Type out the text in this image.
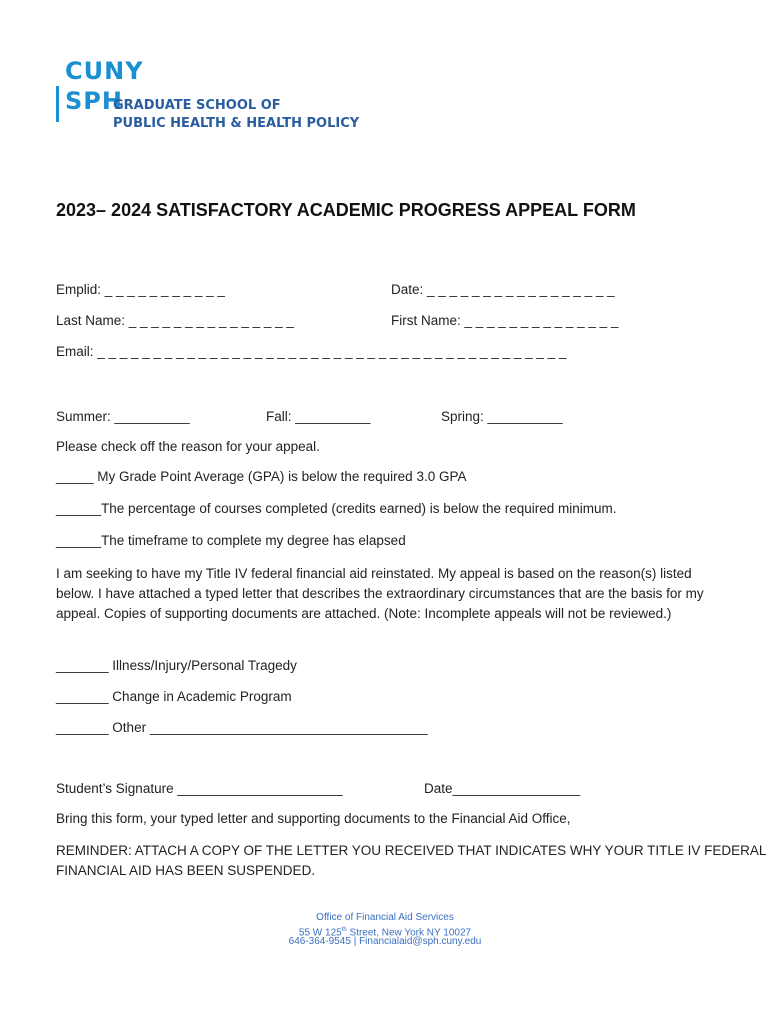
CUNY
SPH
GRADUATE SCHOOL OF
PUBLIC HEALTH & HEALTH POLICY
2023– 2024 SATISFACTORY ACADEMIC PROGRESS APPEAL FORM
Emplid: _ _ _ _ _ _ _ _ _ _ _	Date: _ _ _ _ _ _ _ _ _ _ _ _ _ _ _ _ _
Last Name: _ _ _ _ _ _ _ _ _ _ _ _ _ _ _	First Name: _ _ _ _ _ _ _ _ _ _ _ _ _ _
Email: _ _ _ _ _ _ _ _ _ _ _ _ _ _ _ _ _ _ _ _ _ _ _ _ _ _ _ _ _ _ _ _ _ _ _ _ _ _ _ _ _ _
Summer: __________	Fall: __________	Spring: __________
Please check off the reason for your appeal.
_____ My Grade Point Average (GPA) is below the required 3.0 GPA
______The percentage of courses completed (credits earned) is below the required minimum.
______The timeframe to complete my degree has elapsed
I am seeking to have my Title IV federal financial aid reinstated. My appeal is based on the reason(s) listed below. I have attached a typed letter that describes the extraordinary circumstances that are the basis for my appeal. Copies of supporting documents are attached. (Note: Incomplete appeals will not be reviewed.)
_______ Illness/Injury/Personal Tragedy
_______ Change in Academic Program
_______ Other _____________________________________
Student’s Signature ______________________	Date_________________
Bring this form, your typed letter and supporting documents to the Financial Aid Office,
REMINDER: ATTACH A COPY OF THE LETTER YOU RECEIVED THAT INDICATES WHY YOUR TITLE IV FEDERAL
FINANCIAL AID HAS BEEN SUSPENDED.
Office of Financial Aid Services
55 W 125th Street, New York NY 10027
646-364-9545 | Financialaid@sph.cuny.edu
